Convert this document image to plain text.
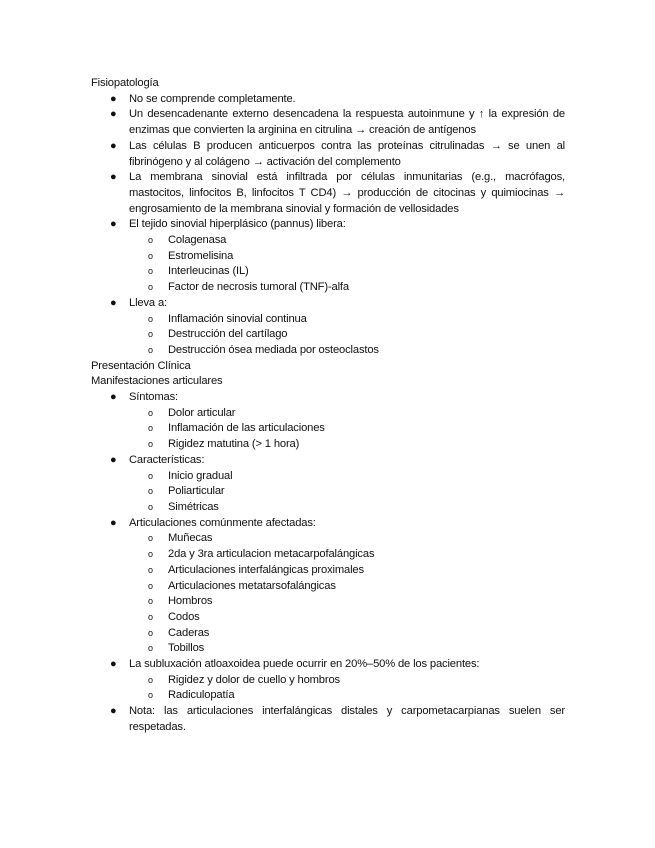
Fisiopatología

● No se comprende completamente.
● Un desencadenante externo desencadena la respuesta autoinmune y ↑ la expresión de enzimas que convierten la arginina en citrulina → creación de antígenos
● Las células B producen anticuerpos contra las proteínas citrulinadas → se unen al fibrinógeno y al colágeno → activación del complemento
● La membrana sinovial está infiltrada por células inmunitarias (e.g., macrófagos, mastocitos, linfocitos B, linfocitos T CD4) → producción de citocinas y quimiocinas → engrosamiento de la membrana sinovial y formación de vellosidades
● El tejido sinovial hiperplásico (pannus) libera:
o Colagenasa
o Estromelisina
o Interleucinas (IL)
o Factor de necrosis tumoral (TNF)-alfa
● Lleva a:
o Inflamación sinovial continua
o Destrucción del cartílago
o Destrucción ósea mediada por osteoclastos

Presentación Clínica

Manifestaciones articulares

● Síntomas:
o Dolor articular
o Inflamación de las articulaciones
o Rigidez matutina (> 1 hora)
● Características:
o Inicio gradual
o Poliarticular
o Simétricas
● Articulaciones comúnmente afectadas:
o Muñecas
o 2da y 3ra articulacion metacarpofalángicas
o Articulaciones interfalángicas proximales
o Articulaciones metatarsofalángicas
o Hombros
o Codos
o Caderas
o Tobillos
● La subluxación atloaxoidea puede ocurrir en 20%–50% de los pacientes:
o Rigidez y dolor de cuello y hombros
o Radiculopatía
● Nota: las articulaciones interfalángicas distales y carpometacarpianas suelen ser respetadas.
